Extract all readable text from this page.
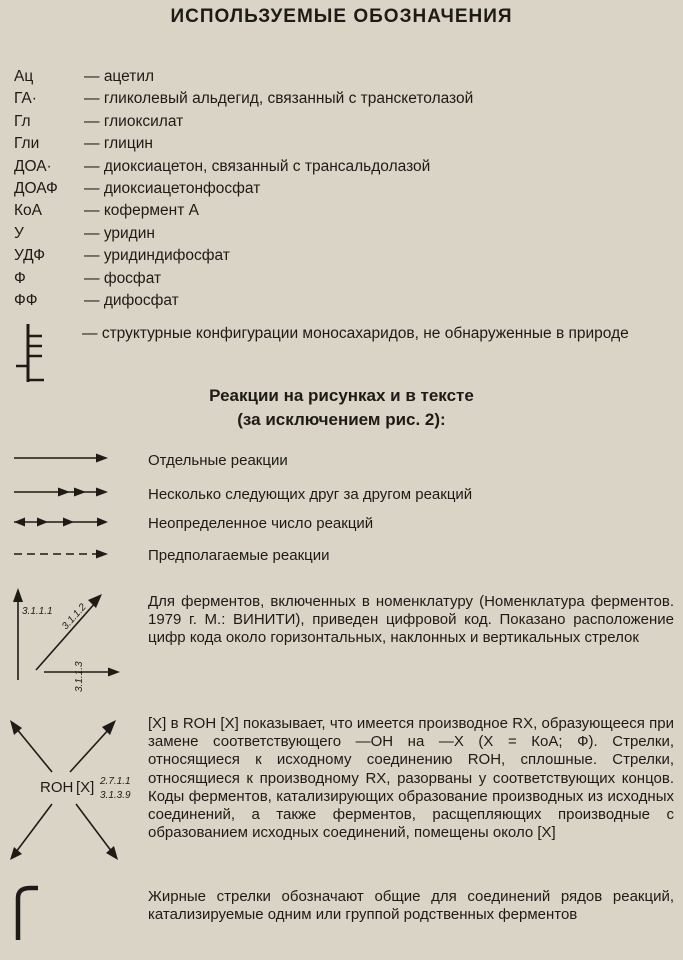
ИСПОЛЬЗУЕМЫЕ ОБОЗНАЧЕНИЯ
Ац	— ацетил
ГА·	— гликолевый альдегид, связанный с транскетолазой
Гл	— глиоксилат
Гли	— глицин
ДОА·	— диоксиацетон, связанный с трансальдолазой
ДОАФ	— диоксиацетонфосфат
КоА	— кофермент А
У	— уридин
УДФ	— уридиндифосфат
Ф	— фосфат
ФФ	— дифосфат
— структурные конфигурации моносахаридов, не обнаруженные в природе
Реакции на рисунках и в тексте
(за исключением рис. 2):
Отдельные реакции
Несколько следующих друг за другом реакций
Неопределенное число реакций
Предполагаемые реакции
3.1.1.1 3.1.1.2
3.1.1.3
Для ферментов, включенных в номенклатуру (Номенклатура ферментов. 1979 г. М.: ВИНИТИ), приведен цифровой код. Показано расположение цифр кода около горизонтальных, наклонных и вертикальных стрелок
ROH [X] 2.7.1.1
3.1.3.9
[X] в ROH [X] показывает, что имеется производное RX, образующееся при замене соответствующего —OH на —X (X = КоА; Ф). Стрелки, относящиеся к исходному соединению ROH, сплошные. Стрелки, относящиеся к производному RX, разорваны у соответствующих концов. Коды ферментов, катализирующих образование производных из исходных соединений, а также ферментов, расщепляющих производные с образованием исходных соединений, помещены около [X]
Жирные стрелки обозначают общие для соединений рядов реакций, катализируемые одним или группой родственных ферментов
